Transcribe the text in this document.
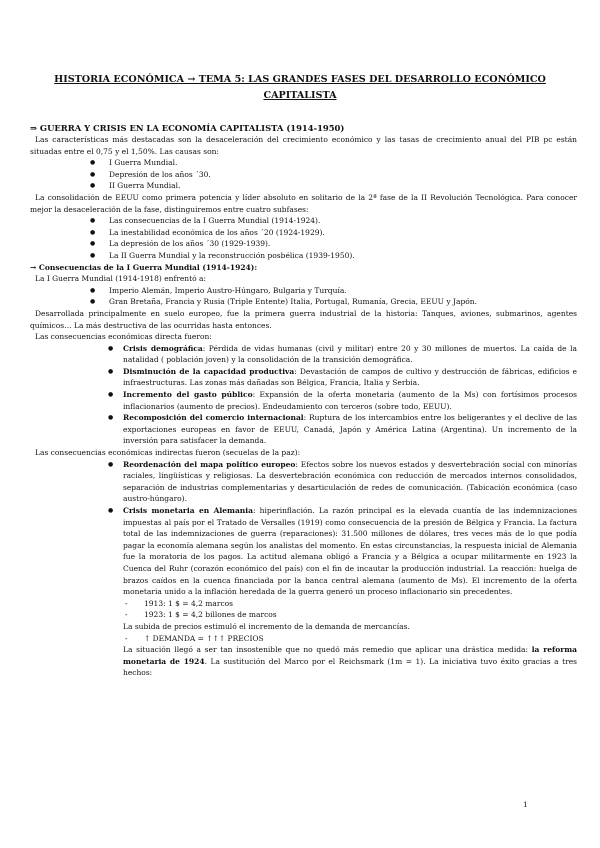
HISTORIA ECONÓMICA → TEMA 5: LAS GRANDES FASES DEL DESARROLLO ECONÓMICO
CAPITALISTA

⇒ GUERRA Y CRISIS EN LA ECONOMÍA CAPITALISTA (1914-1950)

Las características más destacadas son la desaceleración del crecimiento económico y las tasas de crecimiento anual del PIB pc están situadas entre el 0,75 y el 1,50%. Las causas son:

● I Guerra Mundial.
● Depresión de los años ´30.
● II Guerra Mundial.

La consolidación de EEUU como primera potencia y líder absoluto en solitario de la 2ª fase de la II Revolución Tecnológica. Para conocer mejor la desaceleración de la fase, distinguiremos entre cuatro subfases:

● Las consecuencias de la I Guerra Mundial (1914-1924).
● La inestabilidad económica de los años ´20 (1924-1929).
● La depresión de los años ´30 (1929-1939).
● La II Guerra Mundial y la reconstrucción posbélica (1939-1950).

→ Consecuencias de la I Guerra Mundial (1914-1924):

La I Guerra Mundial (1914-1918) enfrentó a:

● Imperio Alemán, Imperio Austro-Húngaro, Bulgaria y Turquía.
● Gran Bretaña, Francia y Rusia (Triple Entente) Italia, Portugal, Rumanía, Grecia, EEUU y Japón.

Desarrollada principalmente en suelo europeo, fue la primera guerra industrial de la historia: Tanques, aviones, submarinos, agentes químicos… La más destructiva de las ocurridas hasta entonces.

Las consecuencias económicas directa fueron:

● Crisis demográfica: Pérdida de vidas humanas (civil y militar) entre 20 y 30 millones de muertos. La caída de la natalidad ( población joven) y la consolidación de la transición demográfica.
● Disminución de la capacidad productiva: Devastación de campos de cultivo y destrucción de fábricas, edificios e infraestructuras. Las zonas más dañadas son Bélgica, Francia, Italia y Serbia.
● Incremento del gasto público: Expansión de la oferta monetaria (aumento de la Ms) con fortísimos procesos inflacionarios (aumento de precios). Endeudamiento con terceros (sobre todo, EEUU).
● Recomposición del comercio internacional: Ruptura de los intercambios entre los beligerantes y el declive de las exportaciones europeas en favor de EEUU, Canadá, Japón y América Latina (Argentina). Un incremento de la inversión para satisfacer la demanda.

Las consecuencias económicas indirectas fueron (secuelas de la paz):

● Reordenación del mapa político europeo: Efectos sobre los nuevos estados y desvertebración social con minorías raciales, lingüísticas y religiosas. La desvertebración económica con reducción de mercados internos consolidados, separación de industrias complementarias y desarticulación de redes de comunicación. (Tabicación económica (caso austro-húngaro).
● Crisis monetaria en Alemania: hiperinflación. La razón principal es la elevada cuantía de las indemnizaciones impuestas al país por el Tratado de Versalles (1919) como consecuencia de la presión de Bélgica y Francia. La factura total de las indemnizaciones de guerra (reparaciones): 31.500 millones de dólares, tres veces más de lo que podía pagar la economía alemana según los analistas del momento. En estas circunstancias, la respuesta inicial de Alemania fue la moratoria de los pagos. La actitud alemana obligó a Francia y a Bélgica a ocupar militarmente en 1923 la Cuenca del Ruhr (corazón económico del país) con el fin de incautar la producción industrial. La reacción: huelga de brazos caídos en la cuenca financiada por la banca central alemana (aumento de Ms). El incremento de la oferta monetaria unido a la inflación heredada de la guerra generó un proceso inflacionario sin precedentes.
- 1913: 1 $ = 4,2 marcos
- 1923: 1 $ = 4,2 billones de marcos

La subida de precios estimuló el incremento de la demanda de mercancías.

- ↑ DEMANDA = ↑↑↑ PRECIOS

La situación llegó a ser tan insostenible que no quedó más remedio que aplicar una drástica medida: la reforma monetaria de 1924. La sustitución del Marco por el Reichsmark (1m = 1). La iniciativa tuvo éxito gracias a tres hechos:

1
